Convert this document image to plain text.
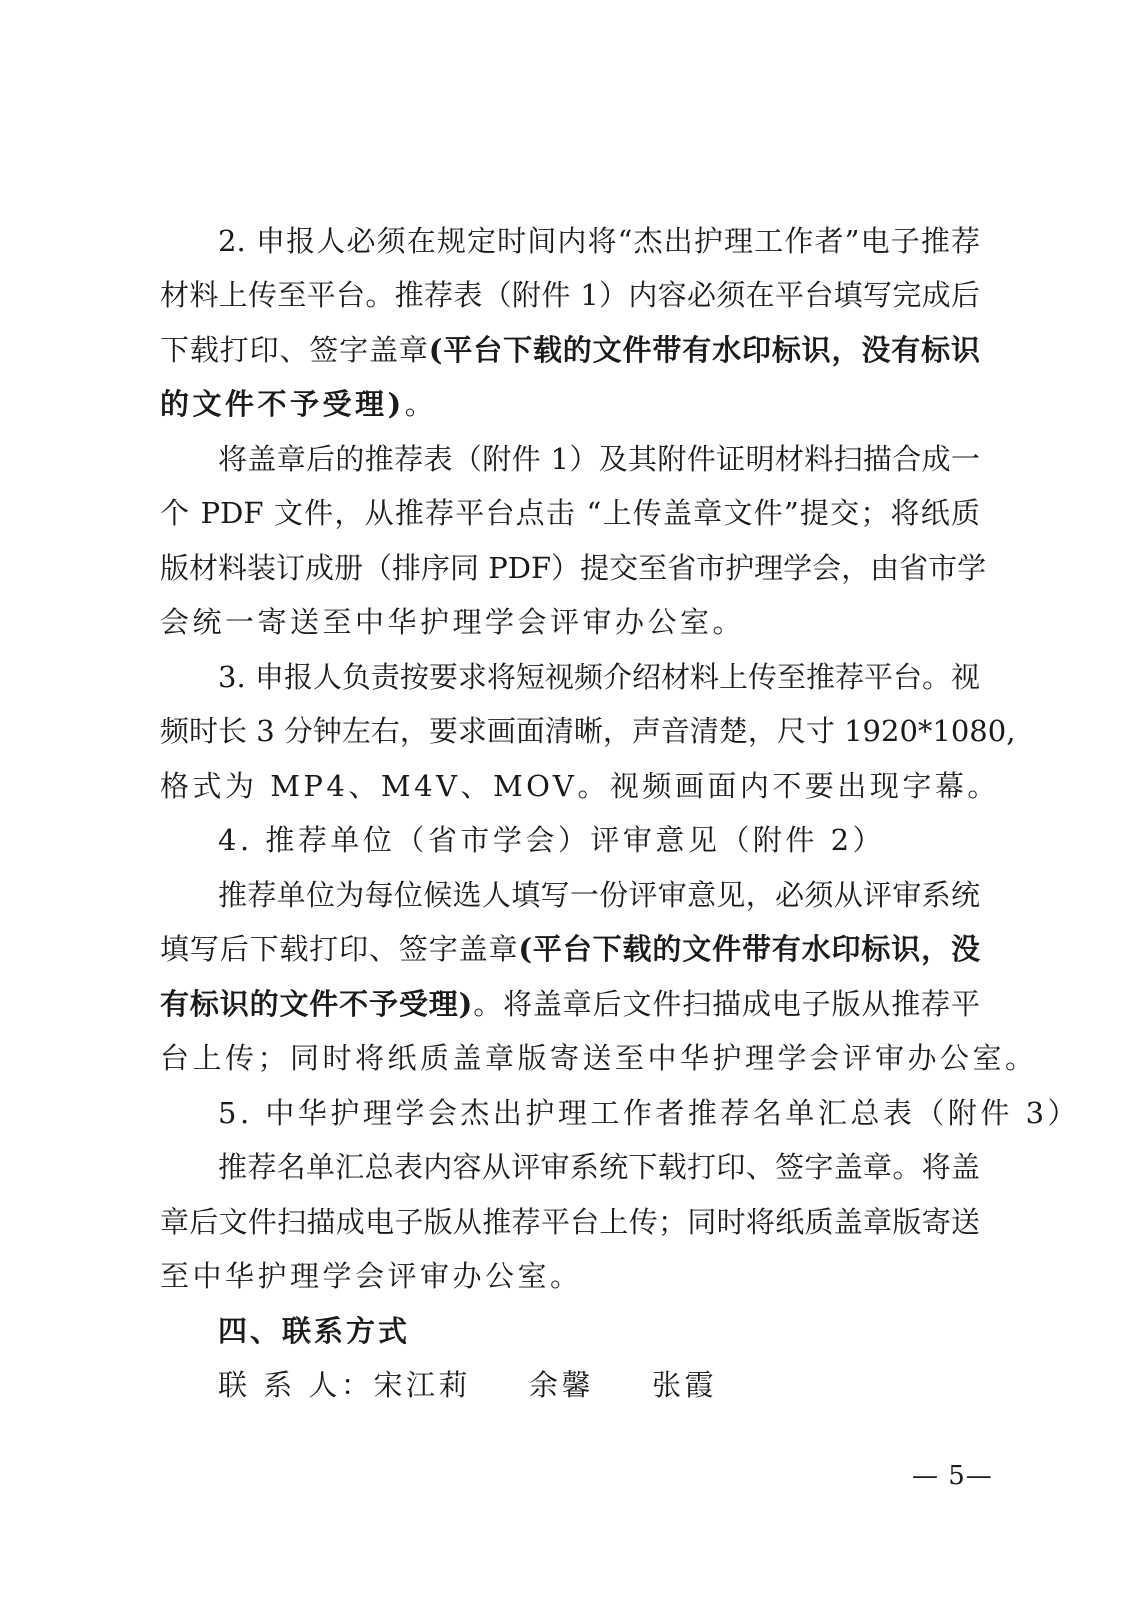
2. 申报人必须在规定时间内将“杰出护理工作者”电子推荐
材料上传至平台。推荐表（附件 1）内容必须在平台填写完成后
下载打印、签字盖章(平台下载的文件带有水印标识，没有标识
的文件不予受理)。
将盖章后的推荐表（附件 1）及其附件证明材料扫描合成一
个 PDF 文件，从推荐平台点击 “上传盖章文件”提交；将纸质
版材料装订成册（排序同 PDF）提交至省市护理学会，由省市学
会统一寄送至中华护理学会评审办公室。
3. 申报人负责按要求将短视频介绍材料上传至推荐平台。视
频时长 3 分钟左右，要求画面清晰，声音清楚，尺寸 1920*1080,
格式为 MP4、M4V、MOV。视频画面内不要出现字幕。
4. 推荐单位（省市学会）评审意见（附件 2）
推荐单位为每位候选人填写一份评审意见，必须从评审系统
填写后下载打印、签字盖章(平台下载的文件带有水印标识，没
有标识的文件不予受理)。将盖章后文件扫描成电子版从推荐平
台上传；同时将纸质盖章版寄送至中华护理学会评审办公室。
5. 中华护理学会杰出护理工作者推荐名单汇总表（附件 3）
推荐名单汇总表内容从评审系统下载打印、签字盖章。将盖
章后文件扫描成电子版从推荐平台上传；同时将纸质盖章版寄送
至中华护理学会评审办公室。
四、联系方式
联 系 人：宋江莉 余馨 张霞
— 5—
